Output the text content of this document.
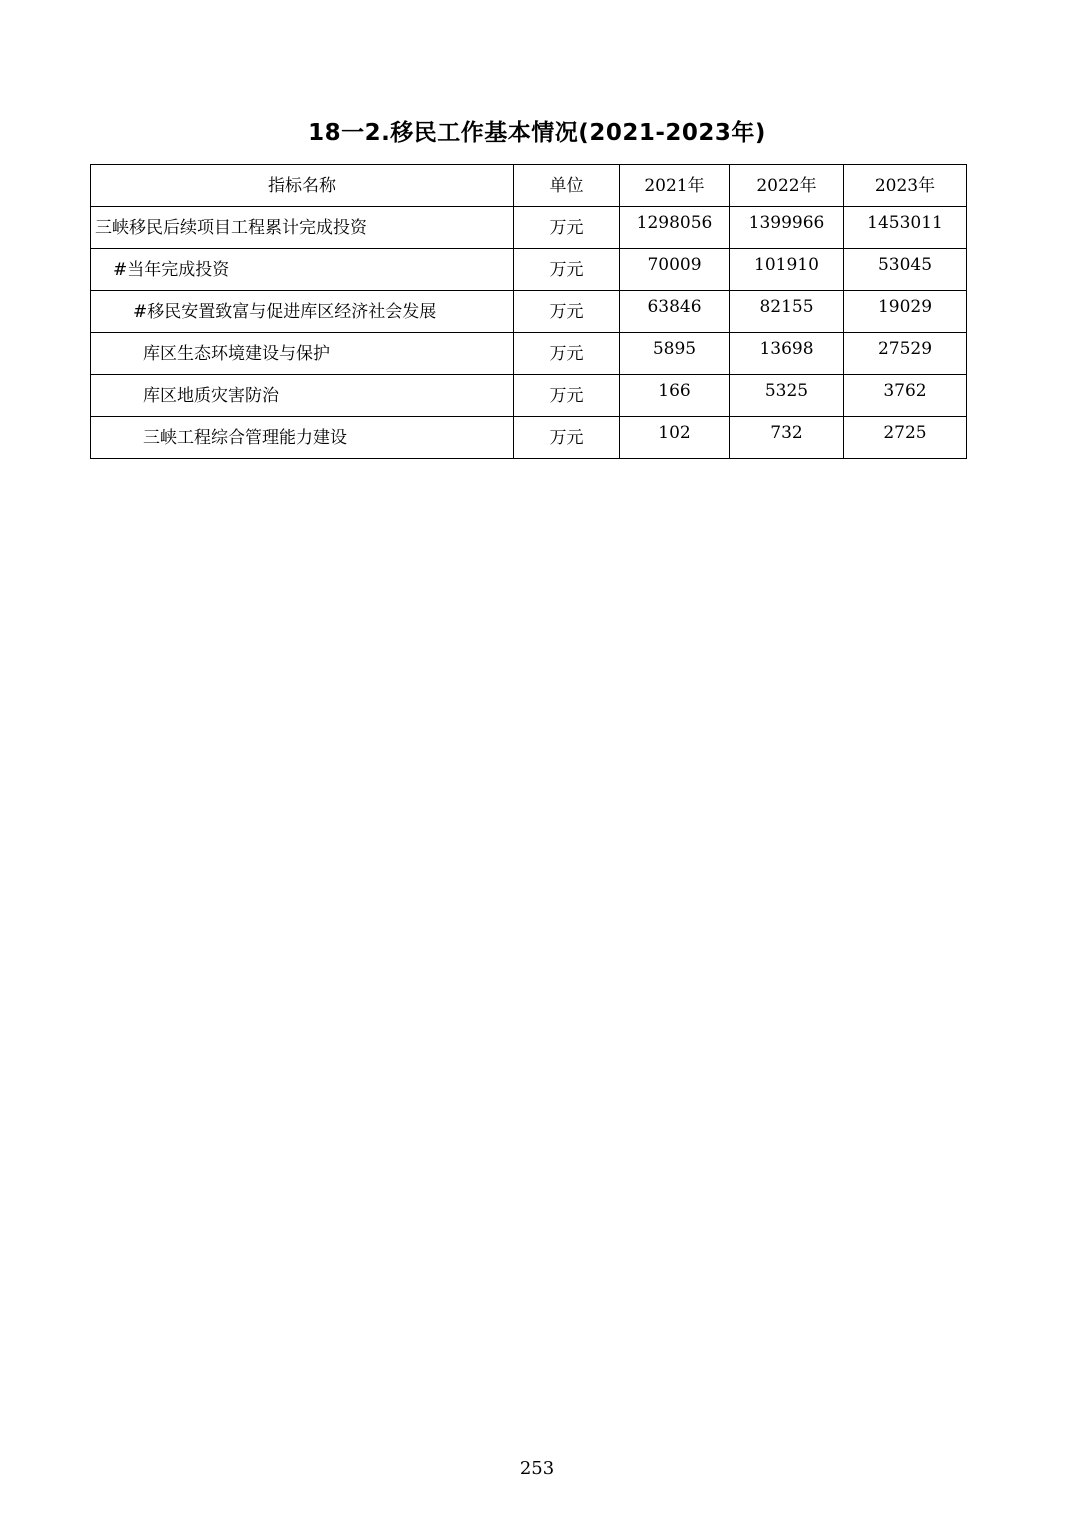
18一2.移民工作基本情况(2021-2023年)
指标名称	单位	2021年	2022年	2023年
三峡移民后续项目工程累计完成投资	万元	1298056	1399966	1453011
#当年完成投资	万元	70009	101910	53045
#移民安置致富与促进库区经济社会发展	万元	63846	82155	19029
库区生态环境建设与保护	万元	5895	13698	27529
库区地质灾害防治	万元	166	5325	3762
三峡工程综合管理能力建设	万元	102	732	2725
253
